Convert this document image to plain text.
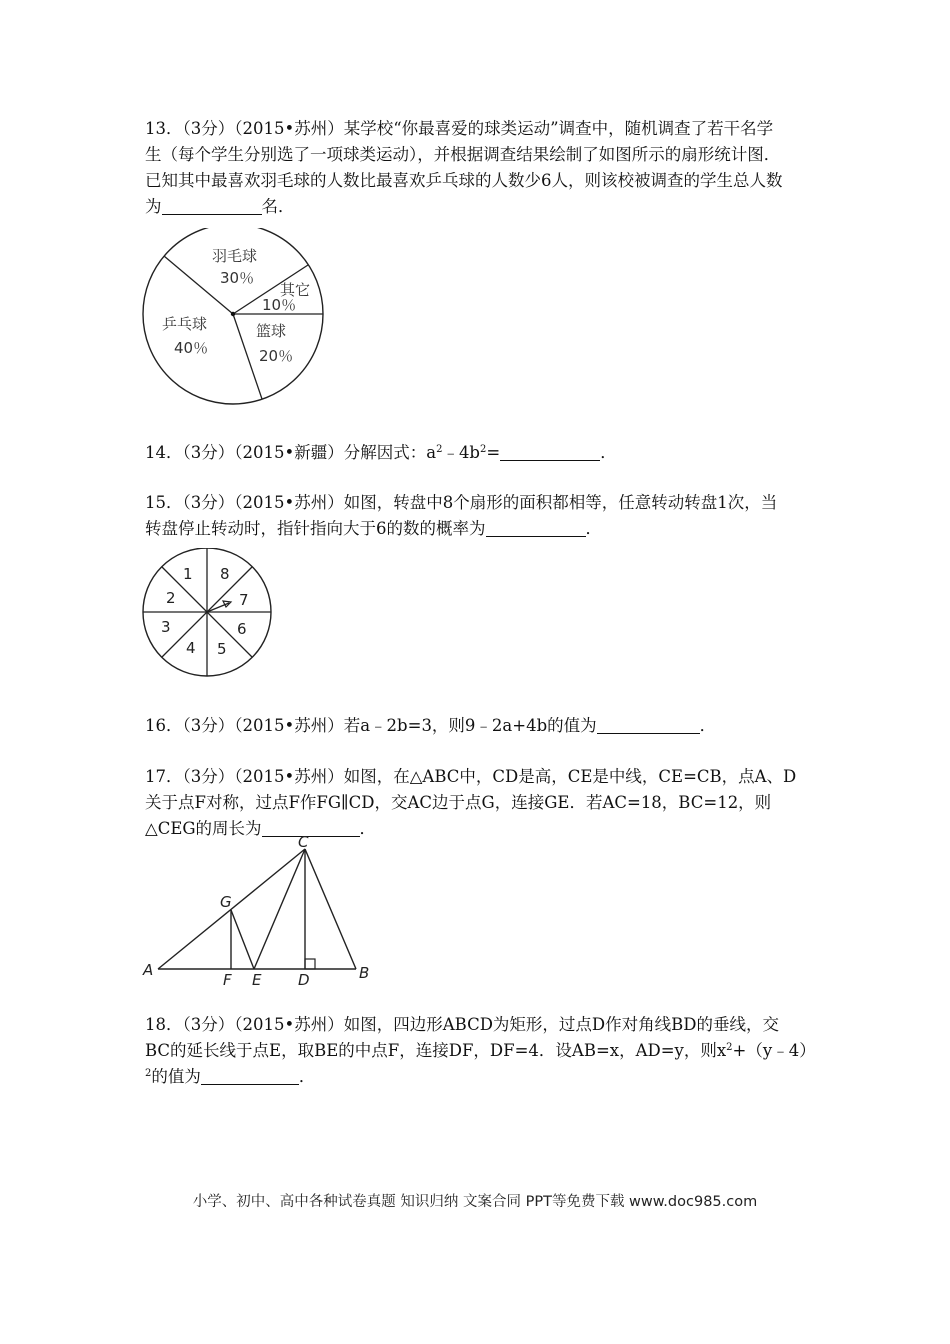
13．（3分）（2015•苏州）某学校“你最喜爱的球类运动”调查中，随机调查了若干名学

生（每个学生分别选了一项球类运动），并根据调查结果绘制了如图所示的扇形统计图．

已知其中最喜欢羽毛球的人数比最喜欢乒乓球的人数少6人，则该校被调查的学生总人数

为	名．

羽毛球
30％
其它
10％
乒乓球
40％
篮球
20％

14．（3分）（2015•新疆）分解因式：$a^2﹣4b^2=$	．

15．（3分）（2015•苏州）如图，转盘中8个扇形的面积都相等，任意转动转盘1次，当

转盘停止转动时，指针指向大于6的数的概率为	．

1
2
3
4 5
6
7
8

16．（3分）（2015•苏州）若a﹣2b=3，则9﹣2a+4b的值为	．

17．（3分）（2015•苏州）如图，在△ABC中，CD是高，CE是中线，CE=CB，点A、D

关于点F对称，过点F作FG∥CD，交AC边于点G，连接GE．若AC=18，BC=12，则

△CEG的周长为	．

A	B
C
D
E
F
G

18．（3分）（2015•苏州）如图，四边形ABCD为矩形，过点D作对角线BD的垂线，交

BC的延长线于点E，取BE的中点F，连接DF，DF=4．设AB=x，AD=y，则$x^2+(y﹣4)$

$^2$的值为	．

小学、初中、高中各种试卷真题 知识归纳 文案合同 PPT等免费下载 www.doc985.com
